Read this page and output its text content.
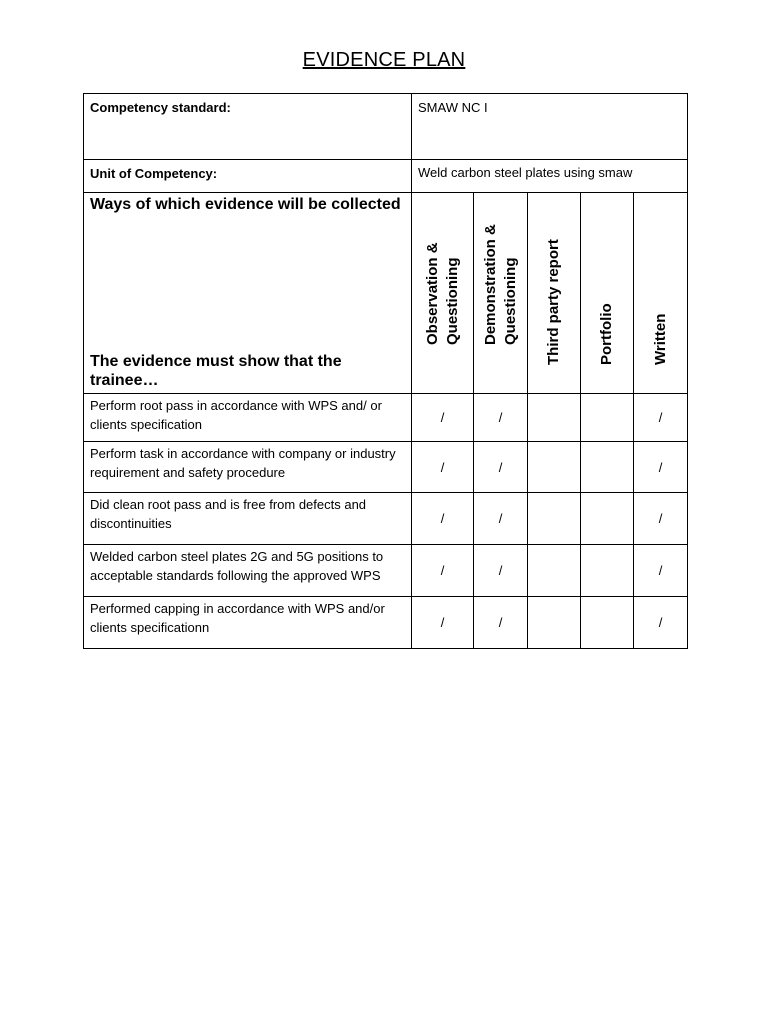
EVIDENCE PLAN
Competency standard:	SMAW NC I				
Unit of Competency:	Weld carbon steel plates using smaw				

Ways of which evidence will be collected
The evidence must show that the trainee…	Observation & Questioning	Demonstration & Questioning	Third party report	Portfolio	Written

Perform root pass in accordance with WPS and/ or clients specification	/	/			/
Perform task in accordance with company or industry requirement and safety procedure	/	/			/
Did clean root pass and is free from defects and discontinuities	/	/			/
Welded carbon steel plates 2G and 5G positions to acceptable standards following the approved WPS	/	/			/
Performed capping in accordance with WPS and/or clients specificationn	/	/			/
